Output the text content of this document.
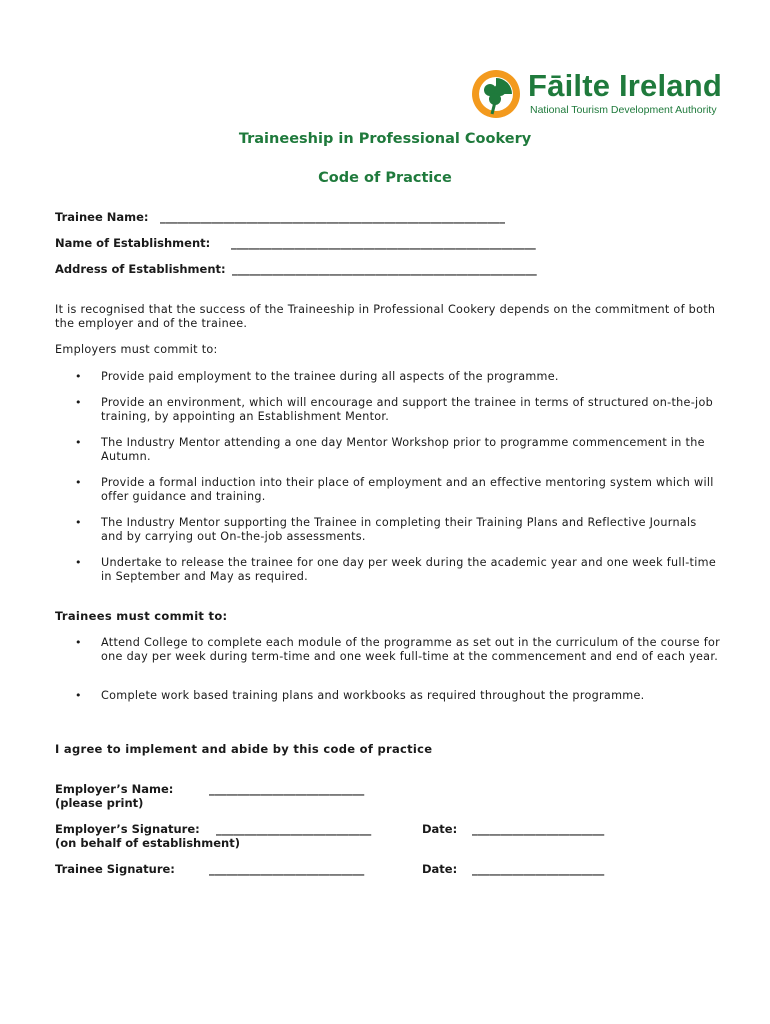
Fāilte Ireland
National Tourism Development Authority
Traineeship in Professional Cookery
Code of Practice
Trainee Name: ____________________________________________________________
Name of Establishment: _____________________________________________________
Address of Establishment: _____________________________________________________
It is recognised that the success of the Traineeship in Professional Cookery depends on the commitment of both the employer and of the trainee.
Employers must commit to:
• Provide paid employment to the trainee during all aspects of the programme.
• Provide an environment, which will encourage and support the trainee in terms of structured on-the-job training, by appointing an Establishment Mentor.
• The Industry Mentor attending a one day Mentor Workshop prior to programme commencement in the Autumn.
• Provide a formal induction into their place of employment and an effective mentoring system which will offer guidance and training.
• The Industry Mentor supporting the Trainee in completing their Training Plans and Reflective Journals and by carrying out On-the-job assessments.
• Undertake to release the trainee for one day per week during the academic year and one week full-time in September and May as required.
Trainees must commit to:
• Attend College to complete each module of the programme as set out in the curriculum of the course for one day per week during term-time and one week full-time at the commencement and end of each year.
• Complete work based training plans and workbooks as required throughout the programme.
I agree to implement and abide by this code of practice
Employer’s Name:
(please print)
___________________________
Employer’s Signature:
(on behalf of establishment)
___________________________	Date: _______________________
Trainee Signature:	___________________________	Date: _______________________
